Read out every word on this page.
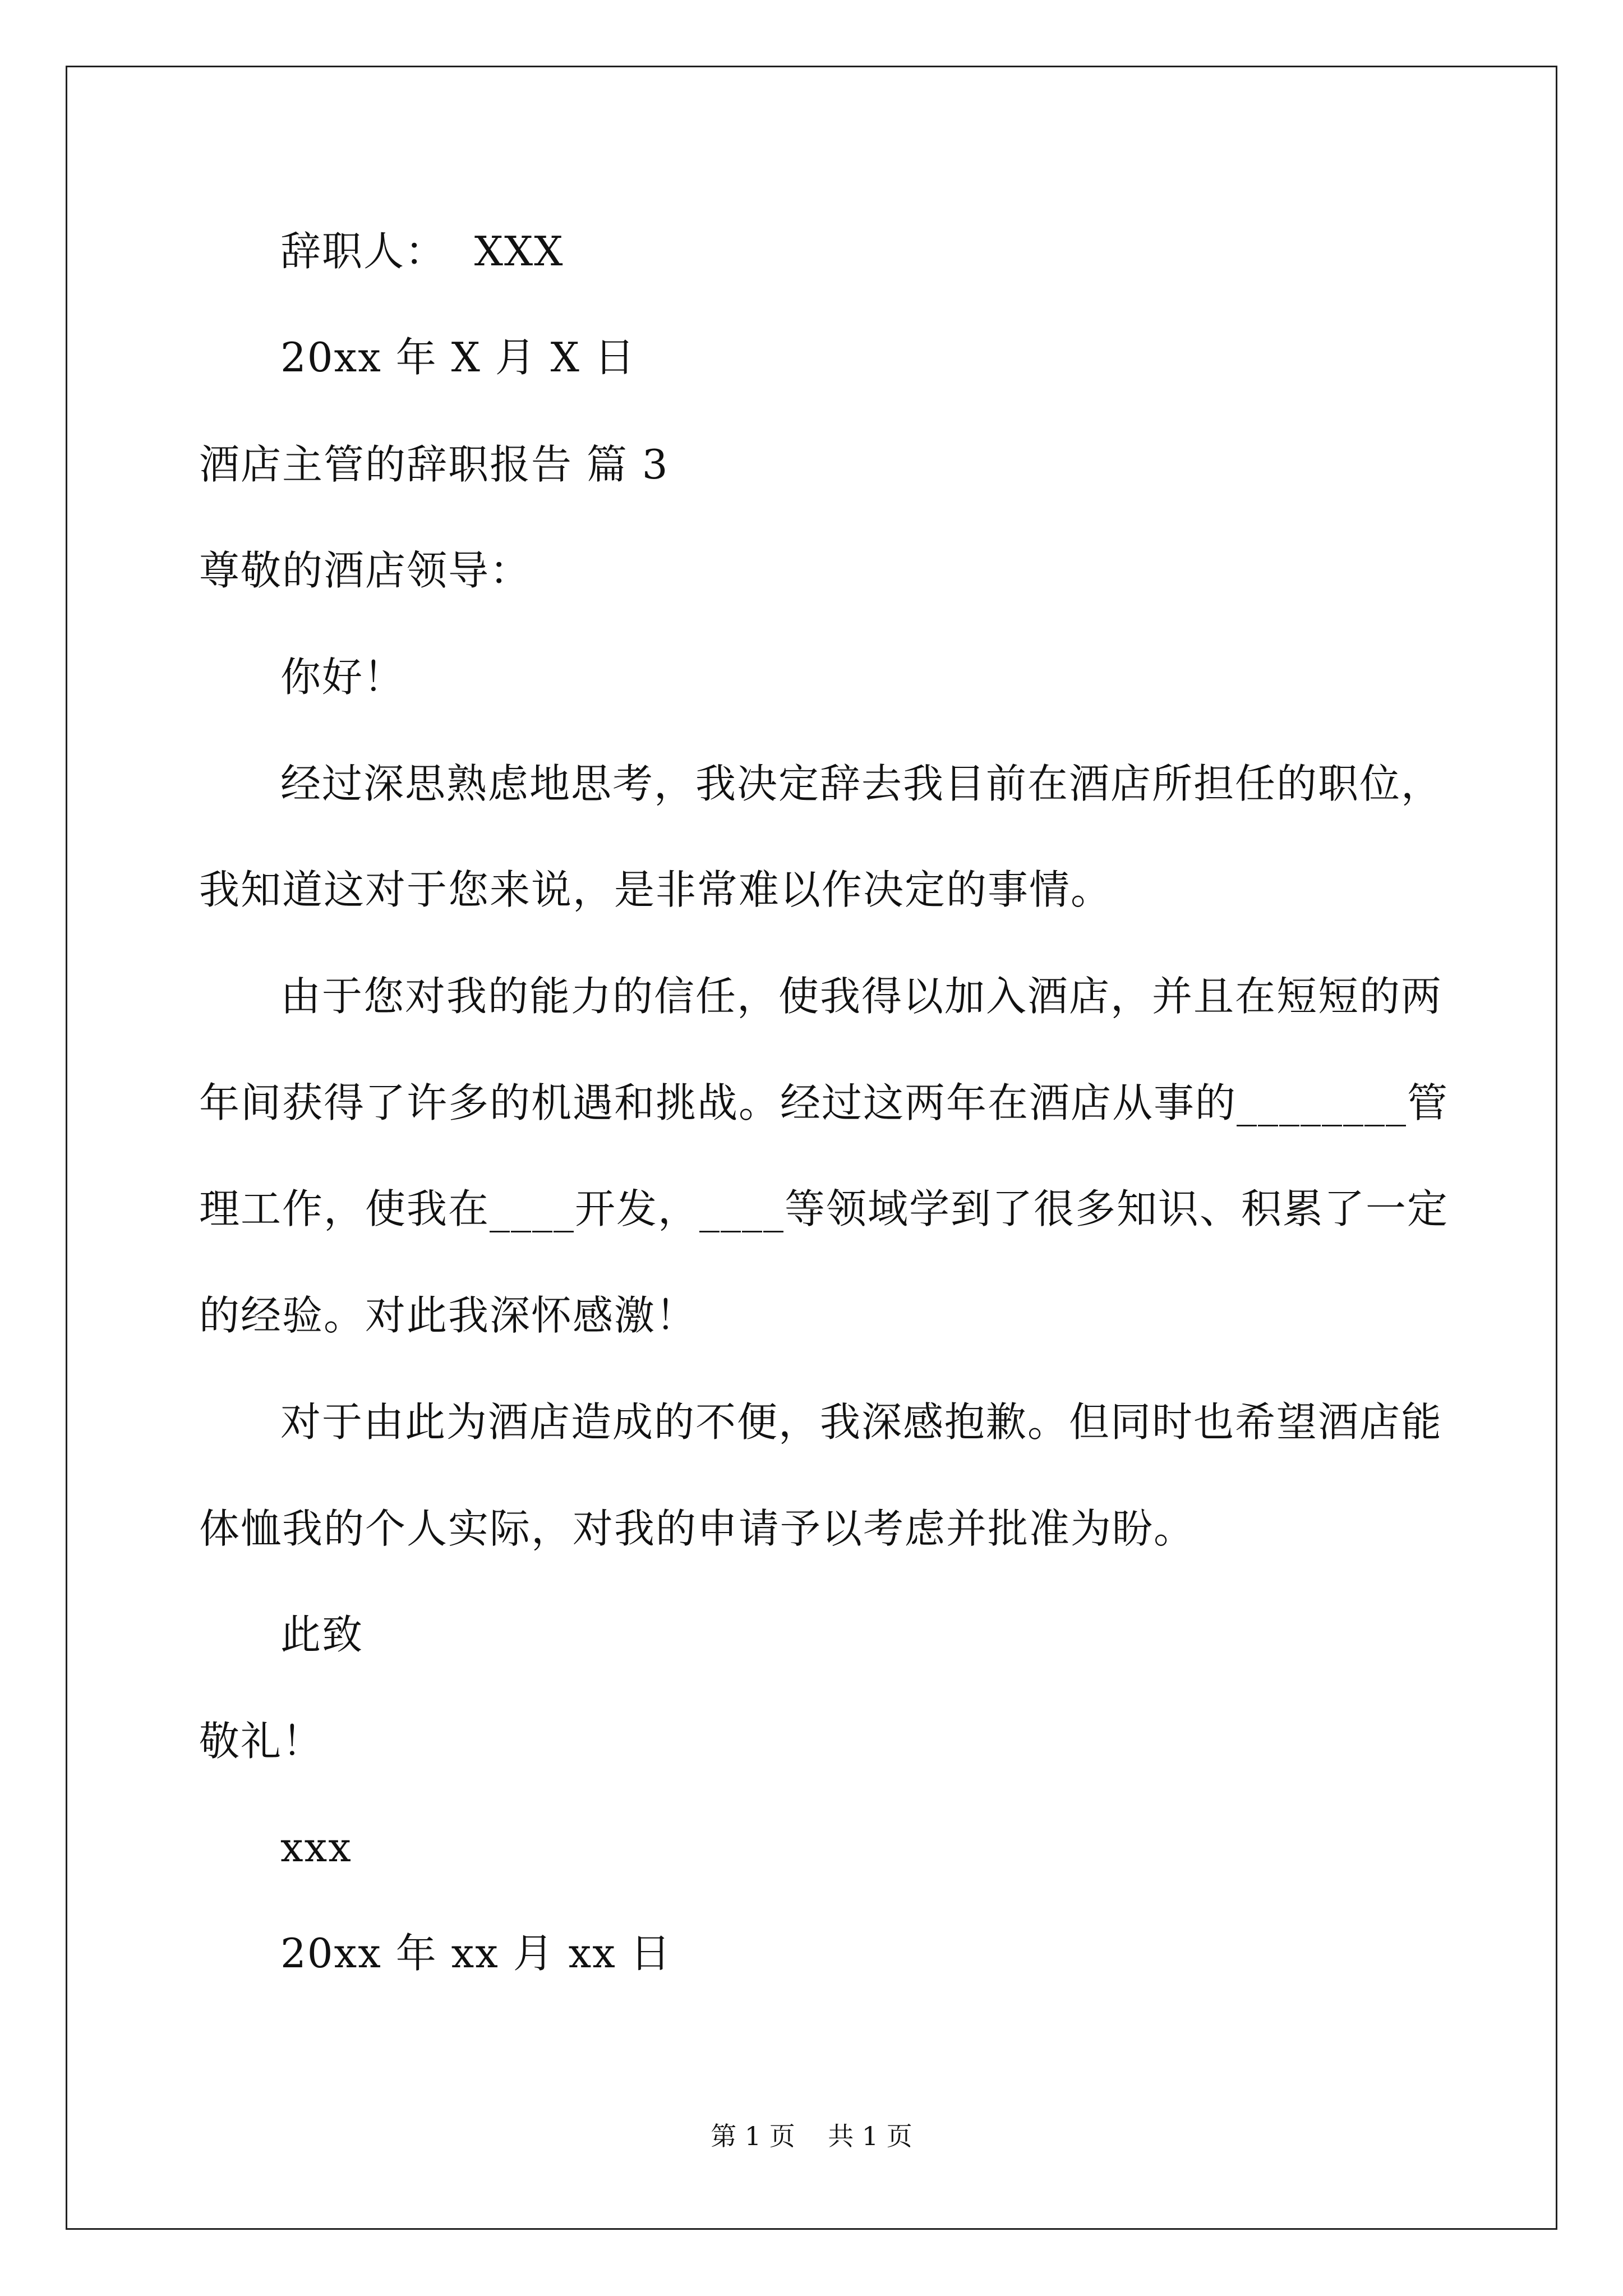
辞职人：  XXX
20xx 年 X 月 X 日
酒店主管的辞职报告 篇 3
尊敬的酒店领导：
你好！
经过深思熟虑地思考，我决定辞去我目前在酒店所担任的职位，
我知道这对于您来说，是非常难以作决定的事情。
由于您对我的能力的信任，使我得以加入酒店，并且在短短的两
年间获得了许多的机遇和挑战。经过这两年在酒店从事的________管
理工作，使我在____开发，____等领域学到了很多知识、积累了一定
的经验。对此我深怀感激！
对于由此为酒店造成的不便，我深感抱歉。但同时也希望酒店能
体恤我的个人实际，对我的申请予以考虑并批准为盼。
此致
敬礼！
xxx
20xx 年 xx 月 xx 日
第 1 页    共 1 页
